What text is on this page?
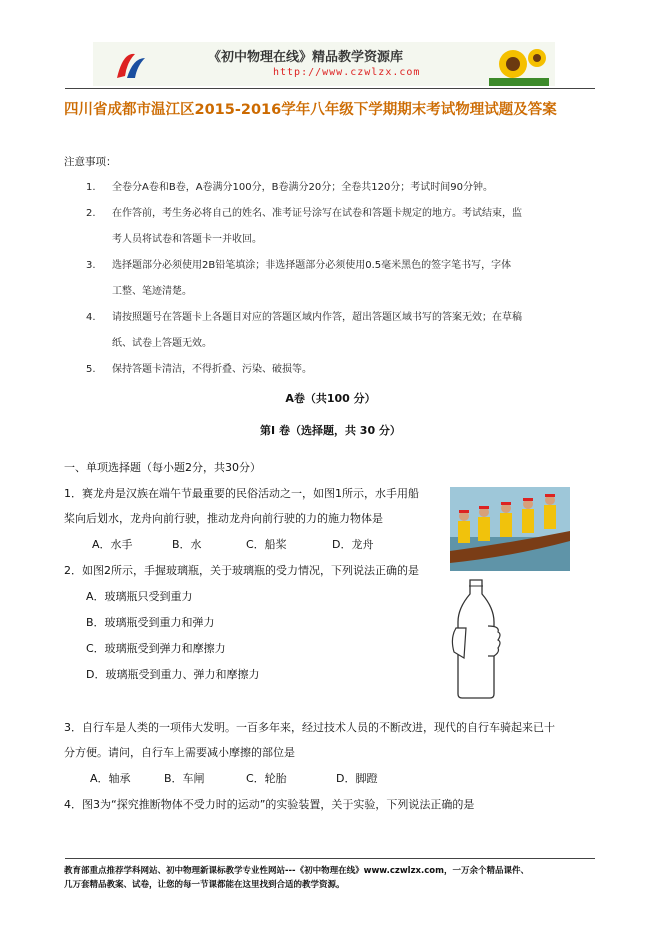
《初中物理在线》精品教学资源库
http://www.czwlzx.com
四川省成都市温江区2015-2016学年八年级下学期期末考试物理试题及答案
注意事项：
1. 全卷分A卷和B卷，A卷满分100分，B卷满分20分；全卷共120分；考试时间90分钟。
2. 在作答前，考生务必将自己的姓名、准考证号涂写在试卷和答题卡规定的地方。考试结束，监
考人员将试卷和答题卡一并收回。
3. 选择题部分必须使用2B铅笔填涂；非选择题部分必须使用0.5毫米黑色的签字笔书写，字体
工整、笔迹清楚。
4. 请按照题号在答题卡上各题目对应的答题区域内作答，超出答题区域书写的答案无效；在草稿
纸、试卷上答题无效。
5. 保持答题卡清洁，不得折叠、污染、破损等。
A卷（共100 分）
第Ⅰ 卷（选择题，共 30 分）
一、单项选择题（每小题2分，共30分）
1．赛龙舟是汉族在端午节最重要的民俗活动之一，如图1所示，水手用船
桨向后划水，龙舟向前行驶，推动龙舟向前行驶的力的施力物体是
A．水手	B．水	C．船桨	D．龙舟
2．如图2所示，手握玻璃瓶，关于玻璃瓶的受力情况，下列说法正确的是
A．玻璃瓶只受到重力
B．玻璃瓶受到重力和弹力
C．玻璃瓶受到弹力和摩擦力
D．玻璃瓶受到重力、弹力和摩擦力
3．自行车是人类的一项伟大发明。一百多年来，经过技术人员的不断改进，现代的自行车骑起来已十
分方便。请问，自行车上需要减小摩擦的部位是
A．轴承	B．车闸	C．轮胎	D．脚蹬
4．图3为“探究推断物体不受力时的运动”的实验装置，关于实验，下列说法正确的是
教育部重点推荐学科网站、初中物理新课标教学专业性网站---《初中物理在线》www.czwlzx.com，一万余个精品课件、
几万套精品教案、试卷，让您的每一节课都能在这里找到合适的教学资源。
